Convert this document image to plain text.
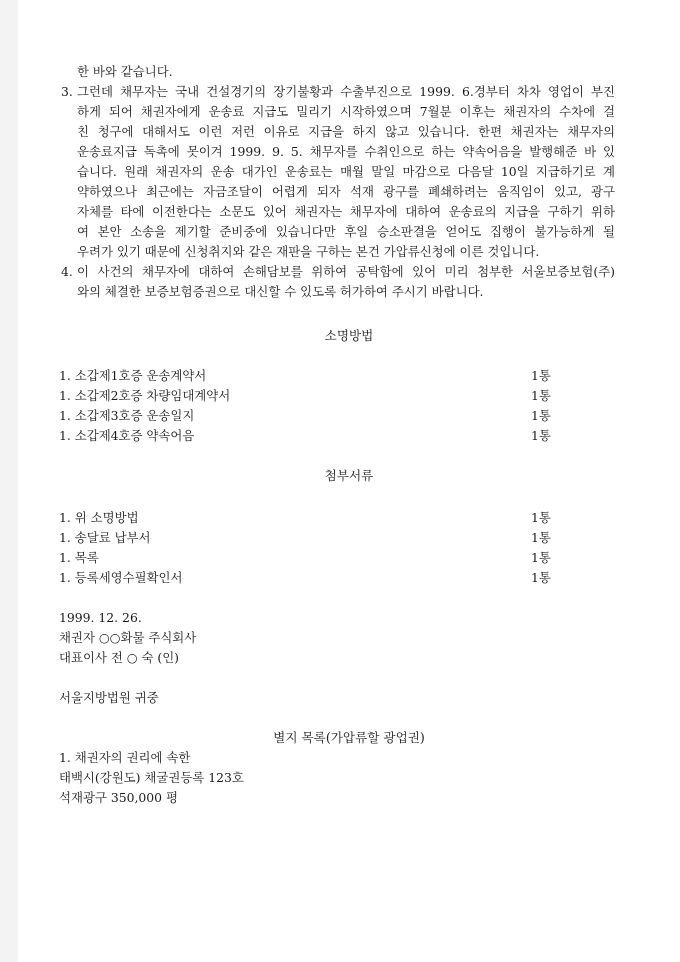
한 바와 같습니다.
3. 그런데 채무자는 국내 건설경기의 장기불황과 수출부진으로 1999. 6.경부터 차차 영업이 부진
하게 되어 채권자에게 운송료 지급도 밀리기 시작하였으며 7월분 이후는 채권자의 수차에 걸
친 청구에 대해서도 이런 저런 이유로 지급을 하지 않고 있습니다. 한편 채권자는 채무자의
운송료지급 독촉에 못이겨 1999. 9. 5. 채무자를 수취인으로 하는 약속어음을 발행해준 바 있
습니다. 원래 채권자의 운송 대가인 운송료는 매월 말일 마감으로 다음달 10일 지급하기로 계
약하였으나 최근에는 자금조달이 어렵게 되자 석재 광구를 폐쇄하려는 움직임이 있고, 광구
자체를 타에 이전한다는 소문도 있어 채권자는 채무자에 대하여 운송료의 지급을 구하기 위하
여 본안 소송을 제기할 준비중에 있습니다만 후일 승소판결을 얻어도 집행이 불가능하게 될
우려가 있기 때문에 신청취지와 같은 재판을 구하는 본건 가압류신청에 이른 것입니다.
4. 이 사건의 채무자에 대하여 손해담보를 위하여 공탁함에 있어 미리 첨부한 서울보증보험(주)
와의 체결한 보증보험증권으로 대신할 수 있도록 허가하여 주시기 바랍니다.
소명방법
1. 소갑제1호증 운송계약서	1통
1. 소갑제2호증 차량임대계약서	1통
1. 소갑제3호증 운송일지	1통
1. 소갑제4호증 약속어음	1통
첨부서류
1. 위 소명방법	1통
1. 송달료 납부서	1통
1. 목록	1통
1. 등록세영수필확인서	1통
1999. 12. 26.
채권자 ○○화물 주식회사
대표이사 전 ○ 숙 (인)
서울지방법원 귀중
별지 목록(가압류할 광업권)
1. 채권자의 권리에 속한
태백시(강원도) 채굴권등록 123호
석재광구 350,000 평
